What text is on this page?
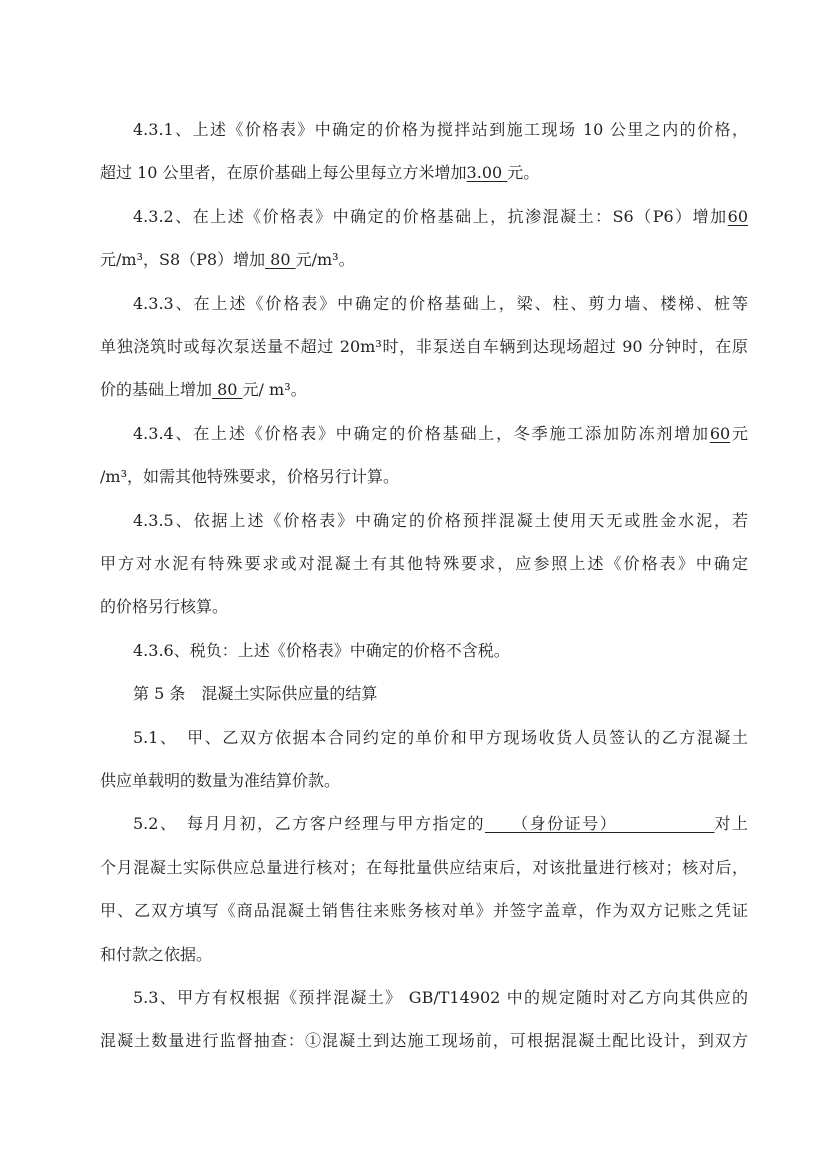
4.3.1、上述《价格表》中确定的价格为搅拌站到施工现场 10 公里之内的价格，
超过 10 公里者，在原价基础上每公里每立方米增加3.00 元。
4.3.2、在上述《价格表》中确定的价格基础上，抗渗混凝土：S6（P6）增加60
元/m³，S8（P8）增加 80 元/m³。
4.3.3、在上述《价格表》中确定的价格基础上，梁、柱、剪力墙、楼梯、桩等
单独浇筑时或每次泵送量不超过 20m³时，非泵送自车辆到达现场超过 90 分钟时，在原
价的基础上增加 80 元/ m³。
4.3.4、在上述《价格表》中确定的价格基础上，冬季施工添加防冻剂增加60元
/m³，如需其他特殊要求，价格另行计算。
4.3.5、依据上述《价格表》中确定的价格预拌混凝土使用天无或胜金水泥，若
甲方对水泥有特殊要求或对混凝土有其他特殊要求，应参照上述《价格表》中确定
的价格另行核算。
4.3.6、税负：上述《价格表》中确定的价格不含税。
第 5 条　混凝土实际供应量的结算
5.1、　甲、乙双方依据本合同约定的单价和甲方现场收货人员签认的乙方混凝土
供应单载明的数量为准结算价款。
5.2、　每月月初，乙方客户经理与甲方指定的　　（身份证号）　　　　　　对上
个月混凝土实际供应总量进行核对；在每批量供应结束后，对该批量进行核对；核对后，
甲、乙双方填写《商品混凝土销售往来账务核对单》并签字盖章，作为双方记账之凭证
和付款之依据。
5.3、甲方有权根据《预拌混凝土》 GB/T14902 中的规定随时对乙方向其供应的
混凝土数量进行监督抽查：①混凝土到达施工现场前，可根据混凝土配比设计，到双方
